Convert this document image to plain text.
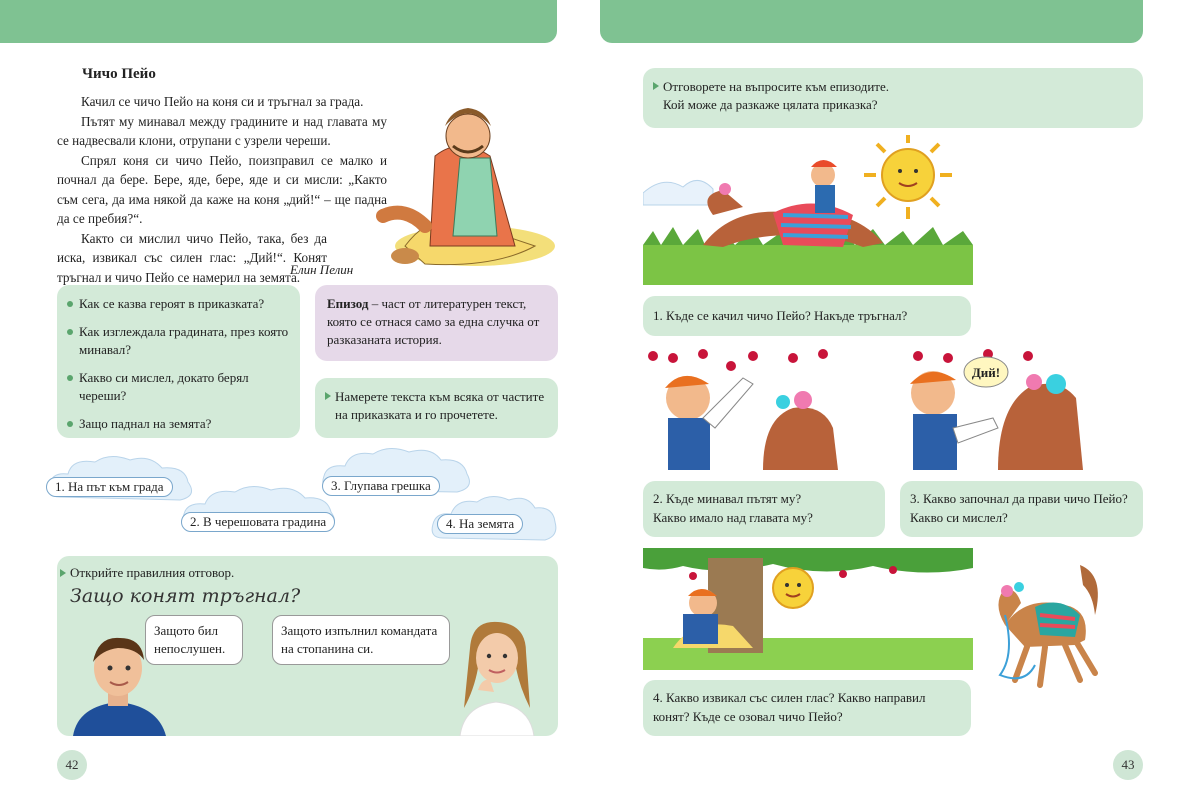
Чичо Пейо

Качил се чичо Пейо на коня си и тръгнал за града.

Пътят му минавал между градините и над главата му се надвесвали клони, отрупани с узрели череши.

Спрял коня си чичо Пейо, поизправил се малко и почнал да бере. Бере, яде, бере, яде и си мисли: „Както съм сега, да има някой да каже на коня „дий!“ – ще падна да се пребия?“.

Както си мислил чичо Пейо, така, без да иска, извикал със силен глас: „Дий!“. Конят тръгнал и чичо Пейо се намерил на земята.

Елин Пелин
Как се казва героят в приказката?
Как изглеждала градината, през която минавал?
Какво си мислел, докато берял череши?
Защо паднал на земята?
Епизод – част от литературен текст, която се отнася само за една случка от разказаната история.
Намерете текста към всяка от частите на приказката и го прочетете.
1. На път към града
2. В черешовата градина
3. Глупава грешка
4. На земята
Открийте правилния отговор.
Защо конят тръгнал?
Защото бил непослушен.
Защото изпълнил командата на стопанина си.
42
Отговорете на въпросите към епизодите.
Кой може да разкаже цялата приказка?
1. Къде се качил чичо Пейо? Накъде тръгнал?
Дий!
2. Къде минавал пътят му?
Какво имало над главата му?
3. Какво започнал да прави чичо Пейо?
Какво си мислел?
4. Какво извикал със силен глас? Какво направил
конят? Къде се озовал чичо Пейо?
43
